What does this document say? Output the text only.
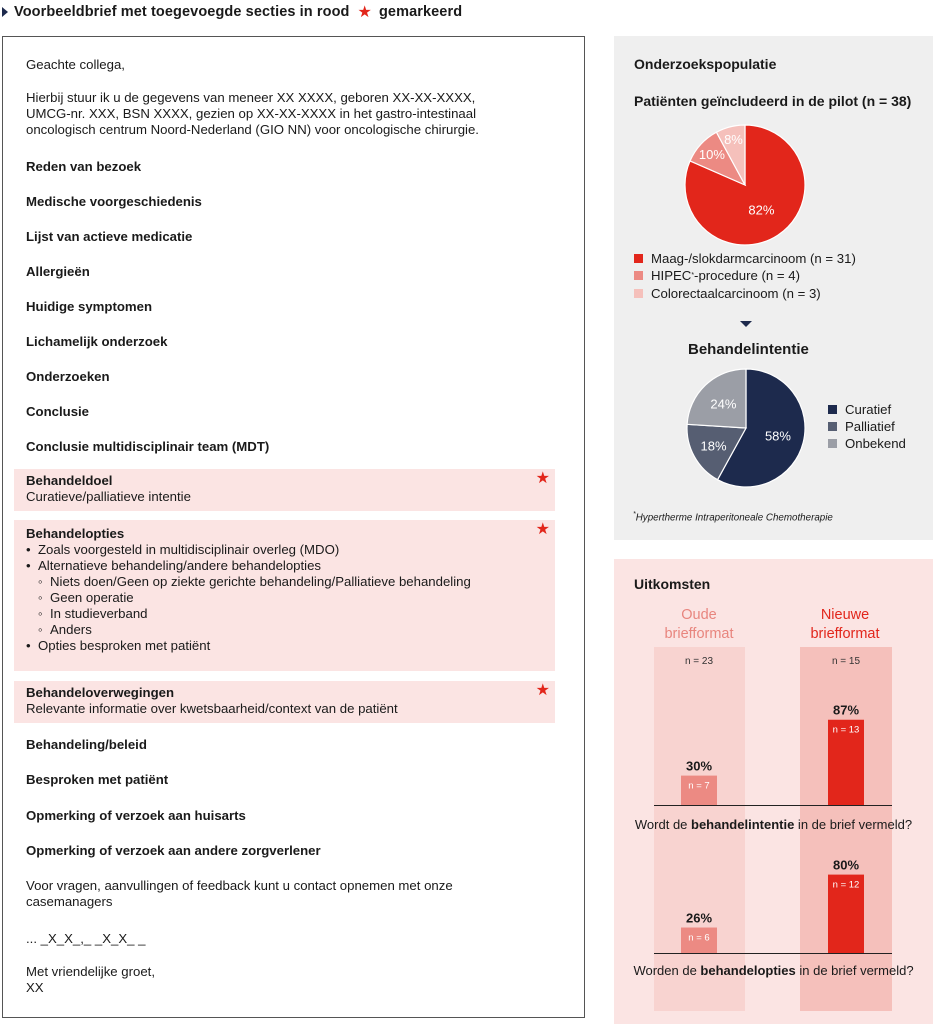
Voorbeeldbrief met toegevoegde secties in rood ★ gemarkeerd
Geachte collega,
Hierbij stuur ik u de gegevens van meneer XX XXXX, geboren XX-XX-XXXX,
UMCG-nr. XXX, BSN XXXX, gezien op XX-XX-XXXX in het gastro-intestinaal
oncologisch centrum Noord-Nederland (GIO NN) voor oncologische chirurgie.
Reden van bezoek
Medische voorgeschiedenis
Lijst van actieve medicatie
Allergieën
Huidige symptomen
Lichamelijk onderzoek
Onderzoeken
Conclusie
Conclusie multidisciplinair team (MDT)
★
Behandeldoel
Curatieve/palliatieve intentie
★
Behandelopties
• Zoals voorgesteld in multidisciplinair overleg (MDO)
• Alternatieve behandeling/andere behandelopties
◦ Niets doen/Geen op ziekte gerichte behandeling/Palliatieve behandeling
◦ Geen operatie
◦ In studieverband
◦ Anders
• Opties besproken met patiënt
★
Behandeloverwegingen
Relevante informatie over kwetsbaarheid/context van de patiënt
Behandeling/beleid
Besproken met patiënt
Opmerking of verzoek aan huisarts
Opmerking of verzoek aan andere zorgverlener
Voor vragen, aanvullingen of feedback kunt u contact opnemen met onze
casemanagers
... _X_X_,_ _X_X_ _
Met vriendelijke groet,
XX
Onderzoekspopulatie
Patiënten geïncludeerd in de pilot (n = 38)
Maag-/slokdarmcarcinoom (n = 31)
HIPEC * -procedure (n = 4)
Colorectaalcarcinoom (n = 3)
Behandelintentie
Curatief
Palliatief
Onbekend
*Hypertherme Intraperitoneale Chemotherapie
82%
10%
8%
58%
18%
24%
Uitkomsten
Oude
briefformat
Nieuwe
briefformat
n = 23	n = 15
30%
n = 7
87%
n = 13
26%
n = 6
80%
n = 12
Wordt de behandelintentie in de brief vermeld?
Worden de behandelopties in de brief vermeld?
